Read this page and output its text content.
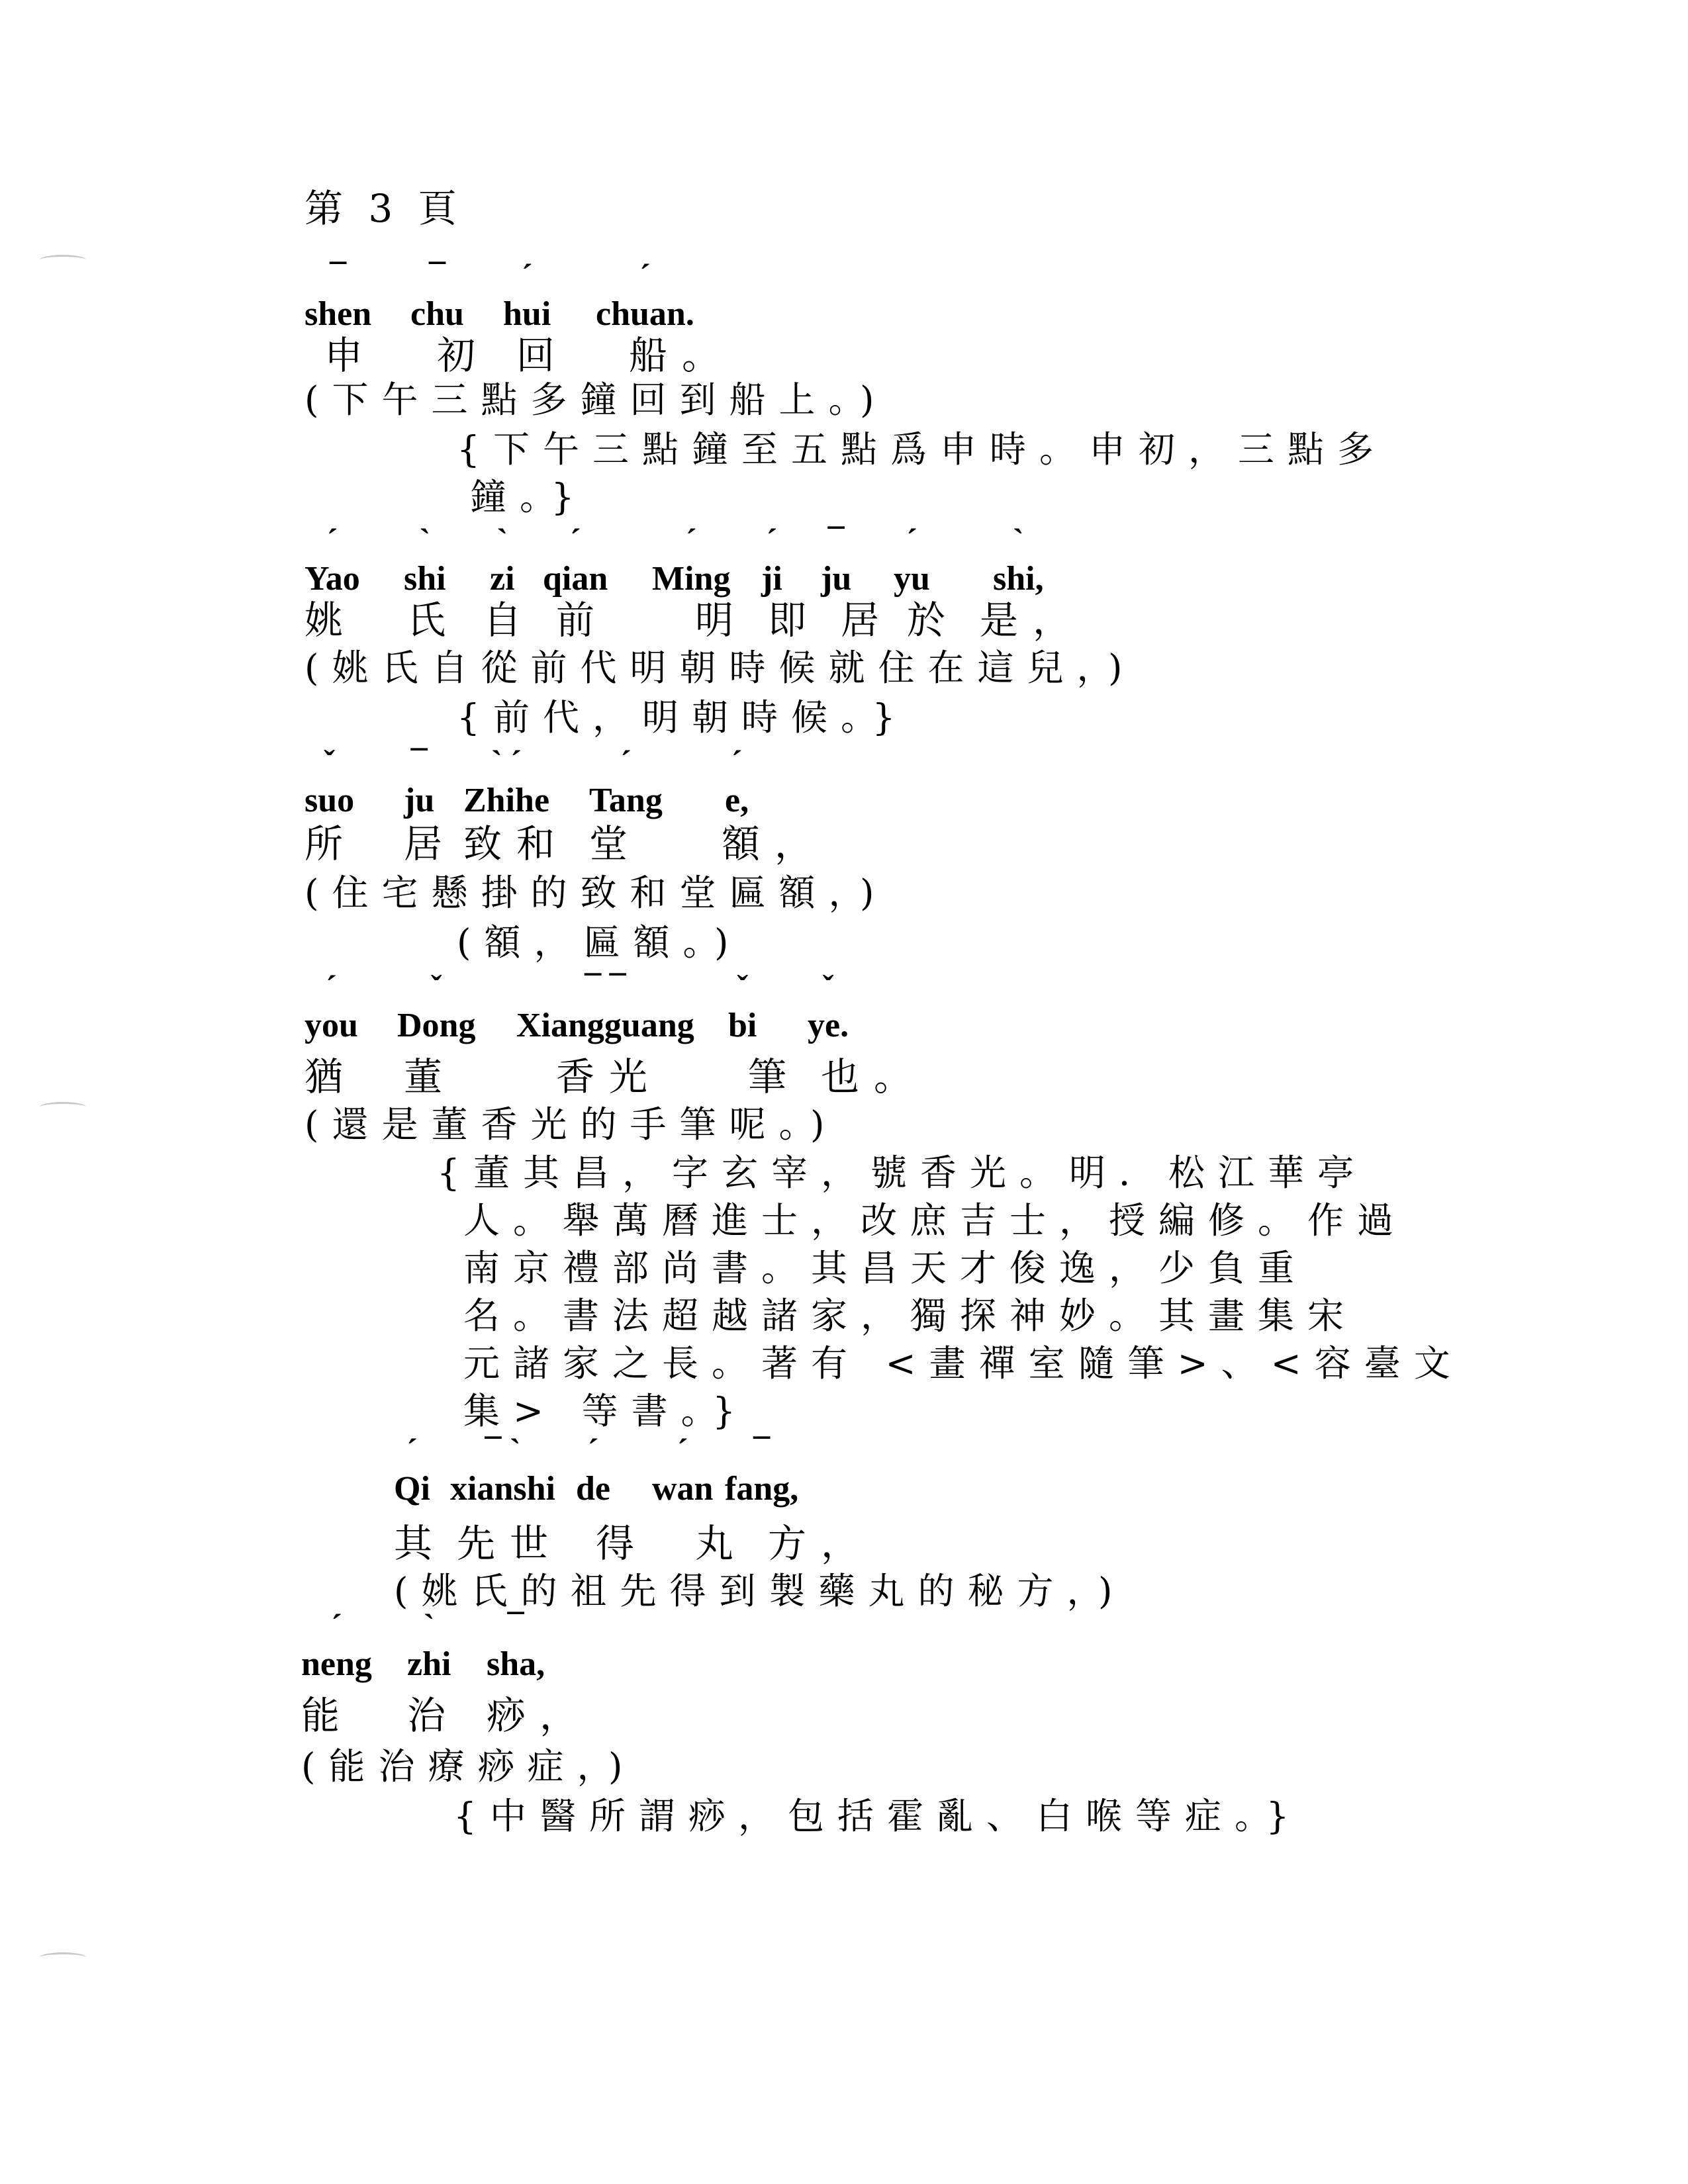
第 3 頁
¯
shen
¯
chu
ˊ
hui
ˊ
chuan.
申 初 回 船。
(下午三點多鐘回到船上。)
{下午三點鐘至五點爲申時。申初，三點多
鐘。}
ˊ
Yao
ˋ
shi
ˋ
zi
ˊ
qian
ˊ
Ming
ˊ
ji
¯
ju
ˊ
yu
ˋ
shi,
姚 氏 自 前	明 即 居 於 是，
(姚氏自從前代明朝時候就住在這兒，)
{前代，明朝時候。}
ˇ
suo
¯
ju
ˋ ˊ
Zhihe
ˊ
Tang
ˊ
e,
所 居 致和 堂 額，
(住宅懸掛的致和堂匾額，)
(額，匾額。)
ˊ
you
ˇ
Dong
¯ ¯
Xiangguang
ˇ
bi
ˇ
ye.
猶 董	香光 筆 也。
(還是董香光的手筆呢。)
{董其昌，字玄宰，號香光。明．松江華亭
人。舉萬曆進士，改庶吉士，授編修。作過
南京禮部尚書。其昌天才俊逸，少負重
名。書法超越諸家，獨探神妙。其畫集宋
元諸家之長。著有 <畫禪室隨筆>、<容臺文
集> 等書。}
ˊ
Qi
¯ ˋ
xianshi
ˊ
de
ˊ
wan
¯
fang,
其 先世 得 丸 方，
(姚氏的祖先得到製藥丸的秘方，)
ˊ
neng
ˋ
zhi
¯
sha,
能 治 痧，
(能治療痧症，)
{中醫所謂痧，包括霍亂、白喉等症。}
